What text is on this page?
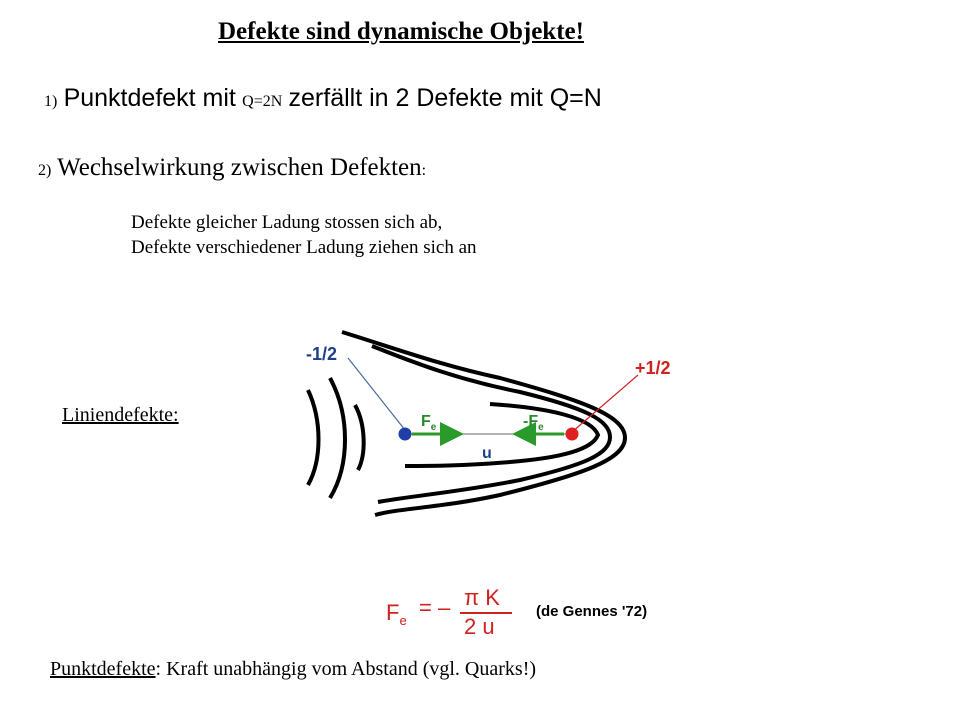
Defekte sind dynamische Objekte!
1) Punktdefekt mit Q=2N zerfällt in 2 Defekte mit Q=N
2) Wechselwirkung zwischen Defekten:
Defekte gleicher Ladung stossen sich ab,
Defekte verschiedener Ladung ziehen sich an
Liniendefekte:
-1/2
+1/2
$F_e$	$-F_e$
u
$F_e$
= – π K
2 u
(de Gennes '72)
Punktdefekte: Kraft unabhängig vom Abstand (vgl. Quarks!)
